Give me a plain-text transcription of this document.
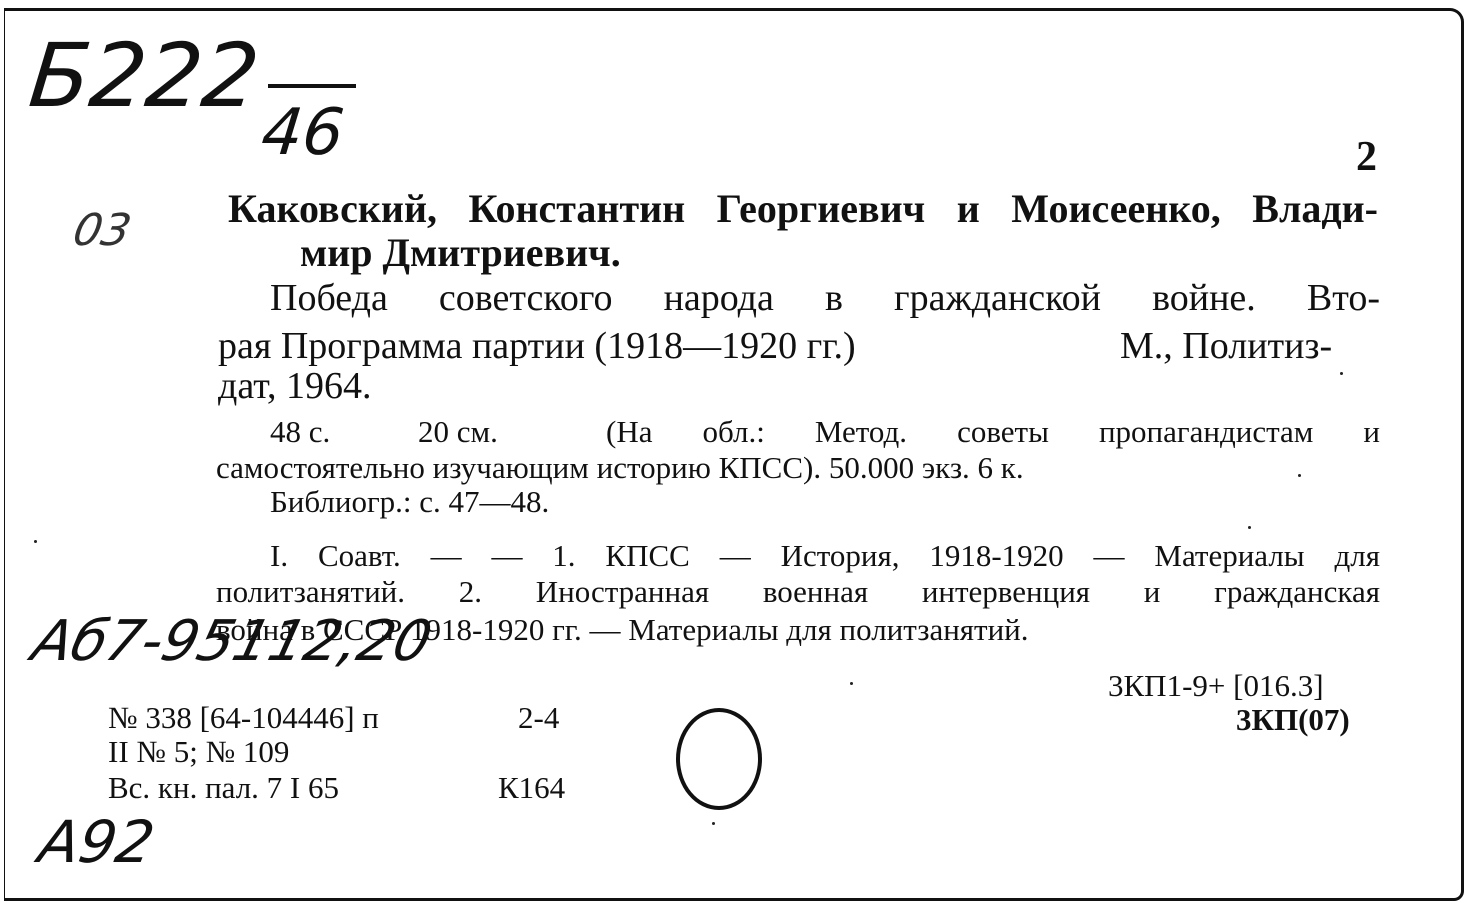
Б222
46
03
Аб7-95112,20
А92
2
Каковский, Константин Георгиевич и Моисеенко, Влади-
мир Дмитриевич.
Победа советского народа в гражданской войне. Вто-
рая Программа партии (1918—1920 гг.)	М., Политиз-
дат, 1964.
48 с.	20 см.	(На обл.: Метод. советы пропагандистам и
самостоятельно изучающим историю КПСС). 50.000 экз. 6 к.
Библиогр.: с. 47—48.
I. Соавт. — — 1. КПСС — История, 1918-1920 — Материалы для
политзанятий. 2. Иностранная военная интервенция и гражданская
война в СССР 1918-1920 гг. — Материалы для политзанятий.
3КП1-9+ [016.3]
3КП(07)
№ 338 [64-104446] п	2-4
II № 5; № 109
Вс. кн. пал. 7 I 65	К164
